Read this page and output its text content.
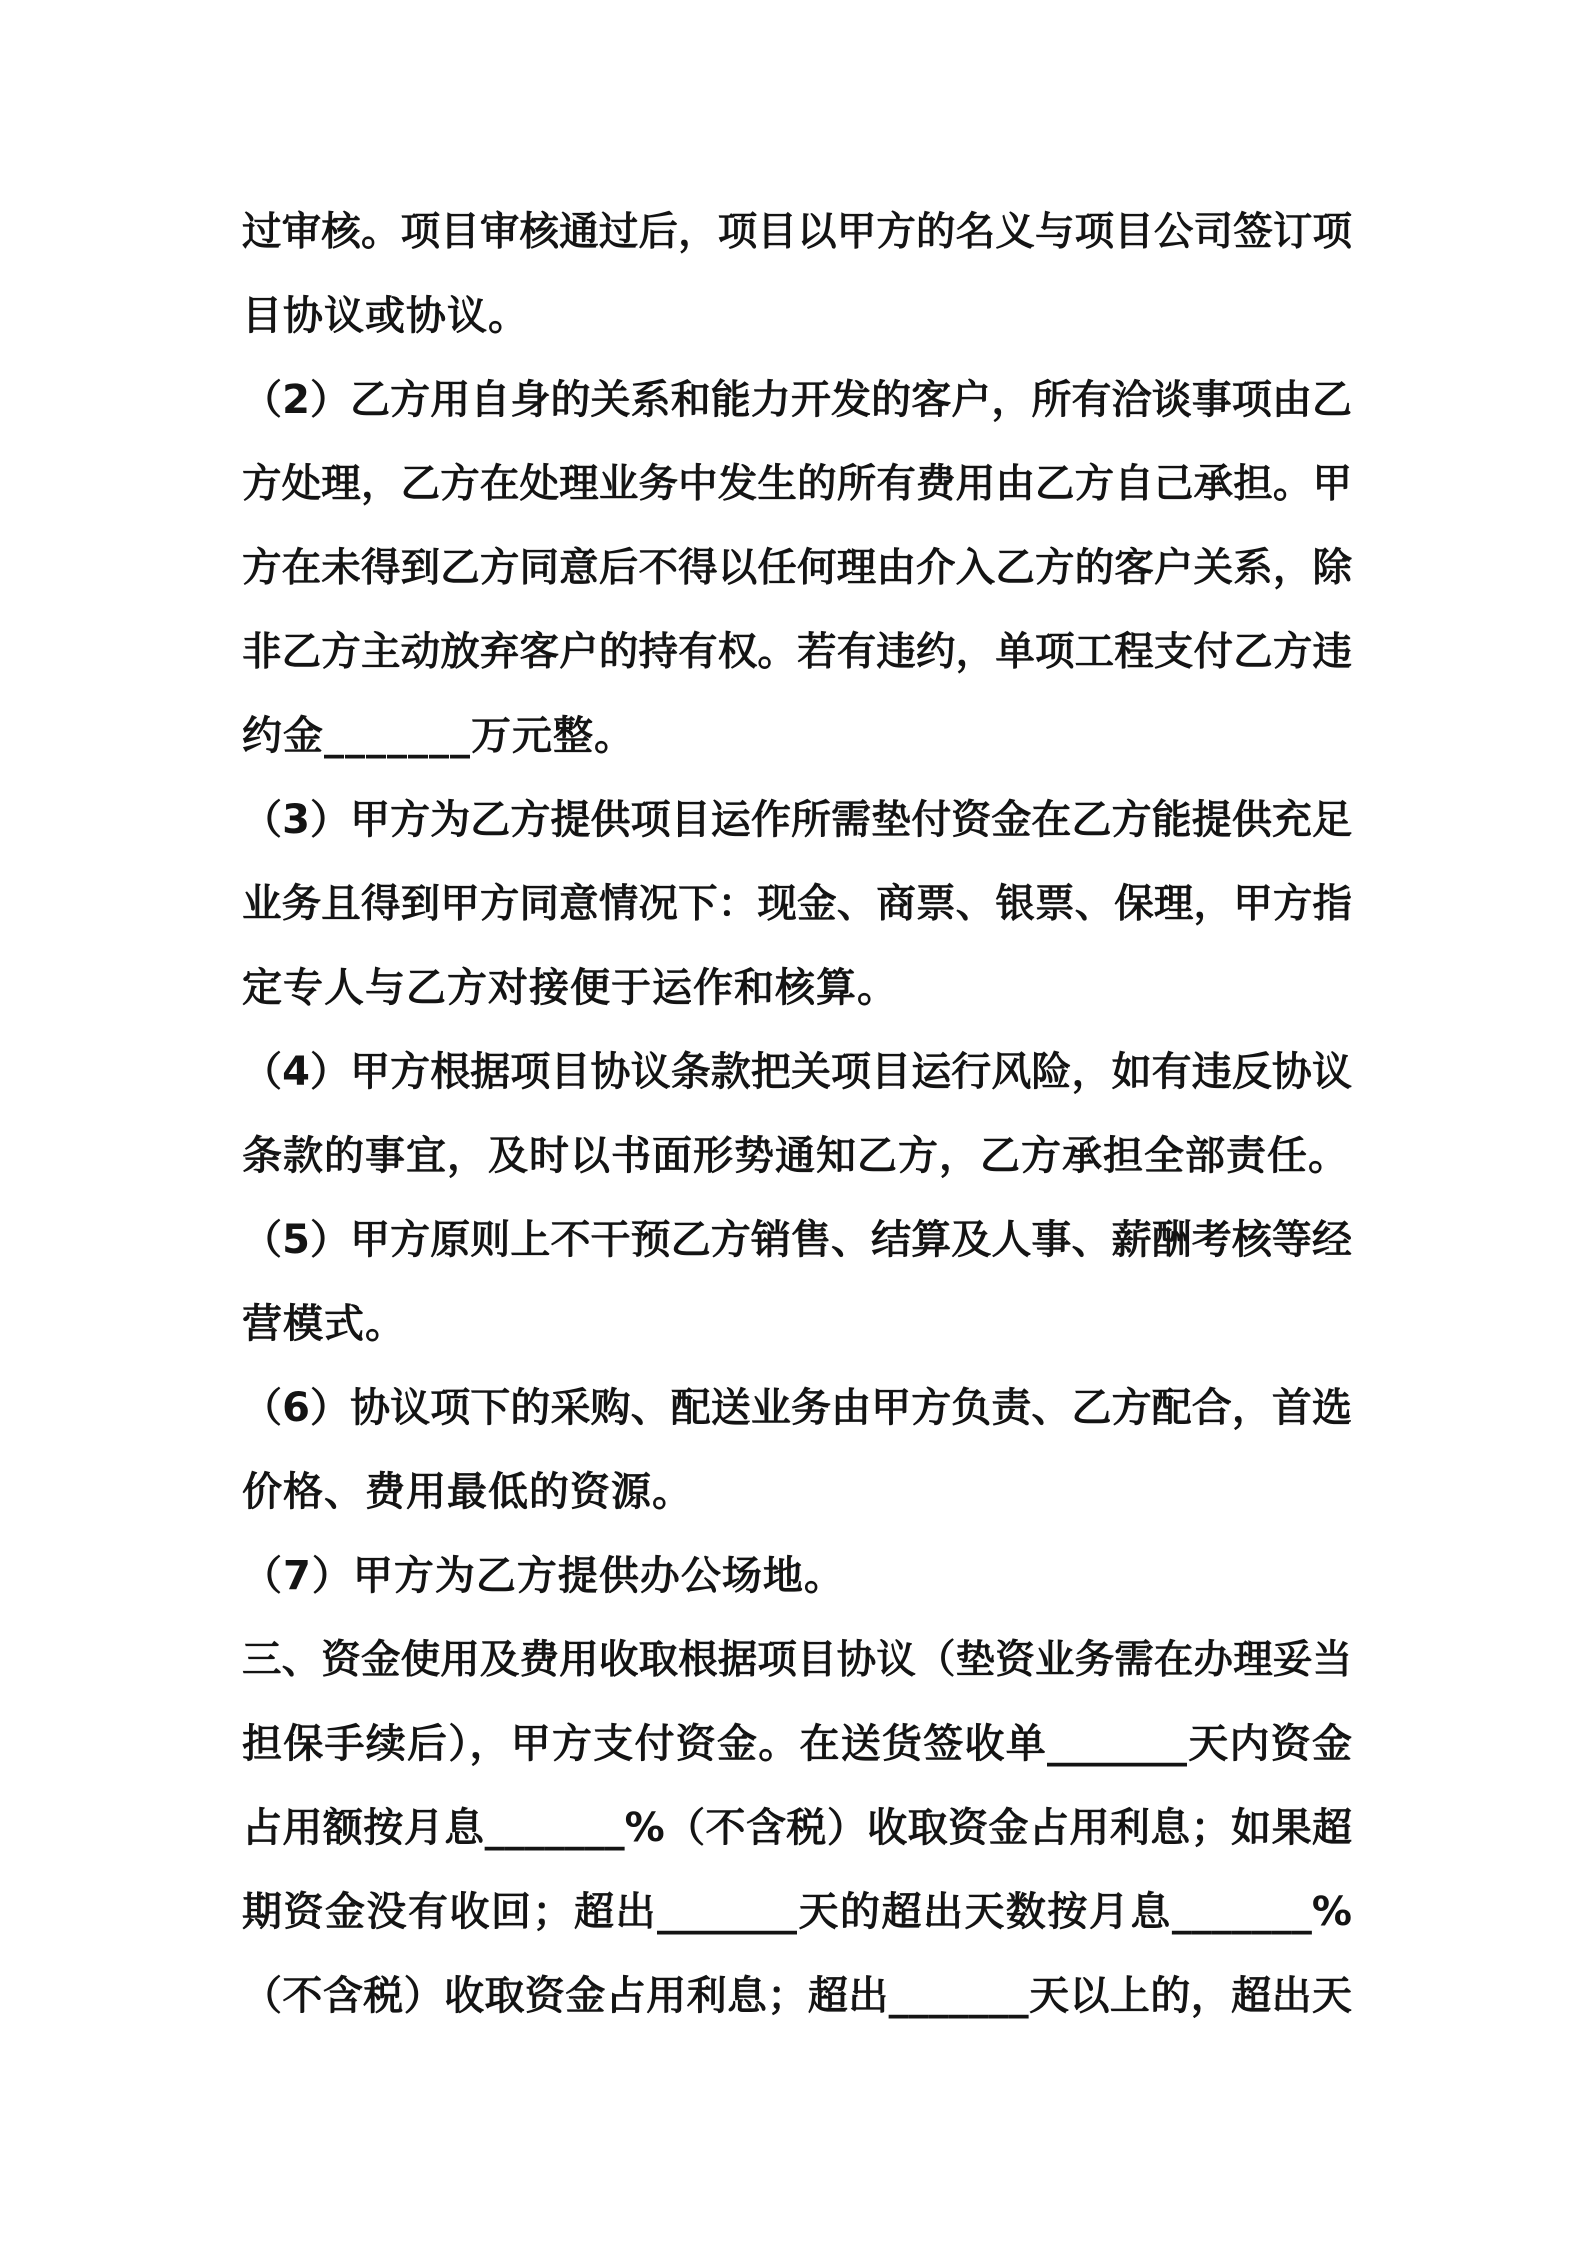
过审核。项目审核通过后，项目以甲方的名义与项目公司签订项
目协议或协议。
（2）乙方用自身的关系和能力开发的客户，所有洽谈事项由乙
方处理，乙方在处理业务中发生的所有费用由乙方自己承担。甲
方在未得到乙方同意后不得以任何理由介入乙方的客户关系，除
非乙方主动放弃客户的持有权。若有违约，单项工程支付乙方违
约金_______万元整。
（3）甲方为乙方提供项目运作所需垫付资金在乙方能提供充足
业务且得到甲方同意情况下：现金、商票、银票、保理，甲方指
定专人与乙方对接便于运作和核算。
（4）甲方根据项目协议条款把关项目运行风险，如有违反协议
条款的事宜，及时以书面形势通知乙方，乙方承担全部责任。
（5）甲方原则上不干预乙方销售、结算及人事、薪酬考核等经
营模式。
（6）协议项下的采购、配送业务由甲方负责、乙方配合，首选
价格、费用最低的资源。
（7）甲方为乙方提供办公场地。
三、资金使用及费用收取根据项目协议（垫资业务需在办理妥当
担保手续后），甲方支付资金。在送货签收单_______天内资金
占用额按月息_______%（不含税）收取资金占用利息；如果超
期资金没有收回；超出_______天的超出天数按月息_______%
（不含税）收取资金占用利息；超出_______天以上的，超出天
